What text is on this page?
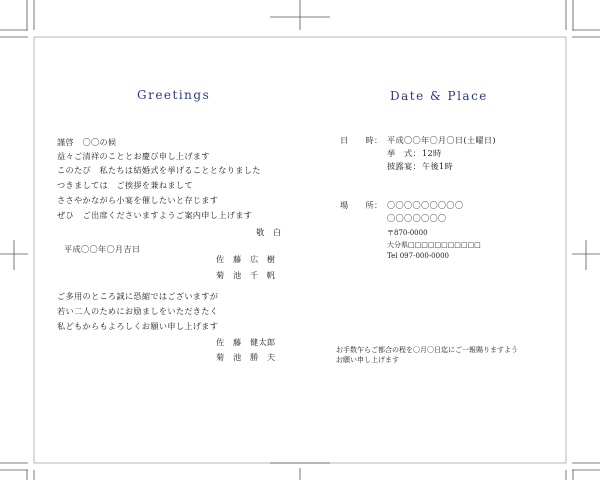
Greetings	Date & Place
謹啓　〇〇の候
益々ご清祥のこととお慶び申し上げます
このたび　私たちは結婚式を挙げることとなりました
つきましては　ご挨拶を兼ねまして
ささやかながら小宴を催したいと存じます
ぜひ　ご出席くださいますようご案内申し上げます
敬　白
平成〇〇年〇月吉日
佐　藤　広　樹
菊　池　千　帆
ご多用のところ誠に恐縮ではございますが
若い二人のためにお励ましをいただきたく
私どもからもよろしくお願い申し上げます
佐　藤　健太郎
菊　池　勝　夫
日　　時： 平成〇〇年〇月〇日(土曜日)
挙　式： 12時
披露宴： 午後1時
場　　所： 〇〇〇〇〇〇〇〇〇
〇〇〇〇〇〇〇
〒870-0000
大分県□□□□□□□□□□□
Tel 097-000-0000
お手数乍らご都合の程を〇月〇日迄にご一報賜りますよう
お願い申し上げます
